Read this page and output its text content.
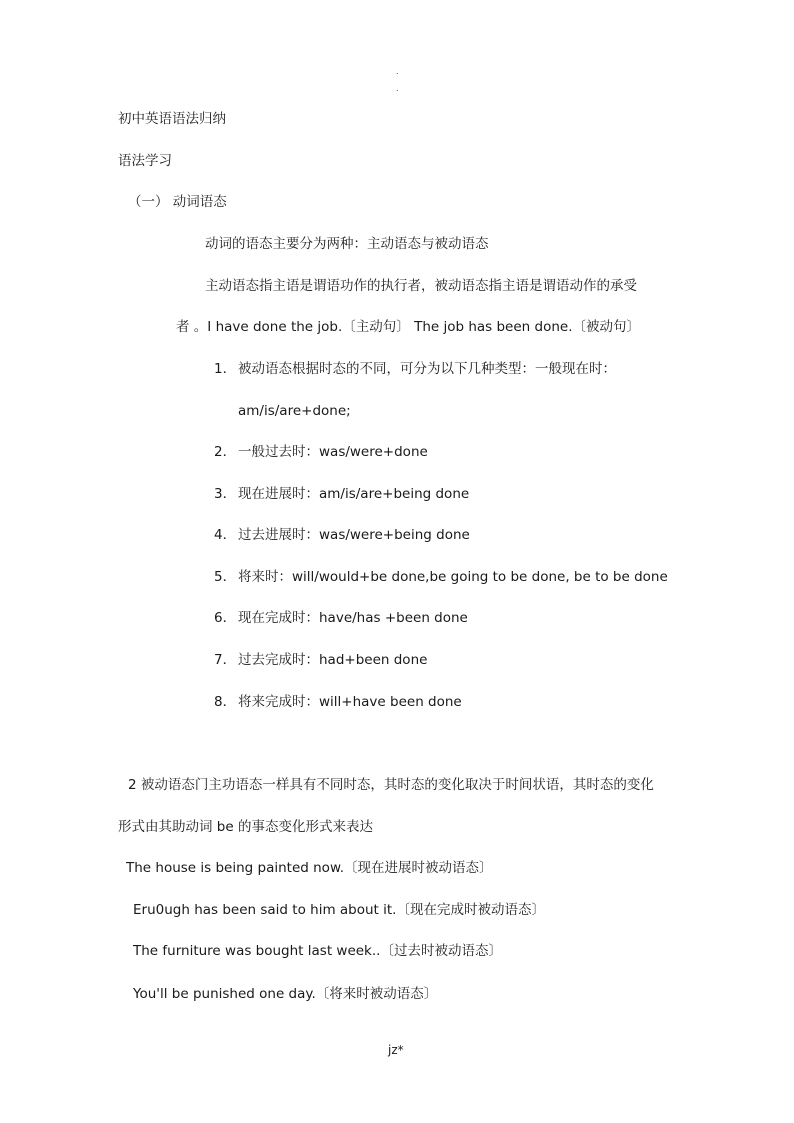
.
.
初中英语语法归纳
语法学习
（一） 动词语态
动词的语态主要分为两种：主动语态与被动语态
主动语态指主语是谓语功作的执行者，被动语态指主语是谓语动作的承受
者 。I have done the job.〔主动句〕 The job has been done.〔被动句〕
1． 被动语态根据时态的不同，可分为以下几种类型：一般现在时：
am/is/are+done;
2． 一般过去时：was/were+done
3． 现在进展时：am/is/are+being done
4． 过去进展时：was/were+being done
5． 将来时：will/would+be done,be going to be done, be to be done
6． 现在完成时：have/has +been done
7． 过去完成时：had+been done
8． 将来完成时：will+have been done
2 被动语态门主功语态一样具有不同时态，其时态的变化取决于时间状语，其时态的变化
形式由其助动词 be 的事态变化形式来表达
The house is being painted now.〔现在进展时被动语态〕
Eru0ugh has been said to him about it.〔现在完成时被动语态〕
The furniture was bought last week..〔过去时被动语态〕
You'll be punished one day.〔将来时被动语态〕
jz*
